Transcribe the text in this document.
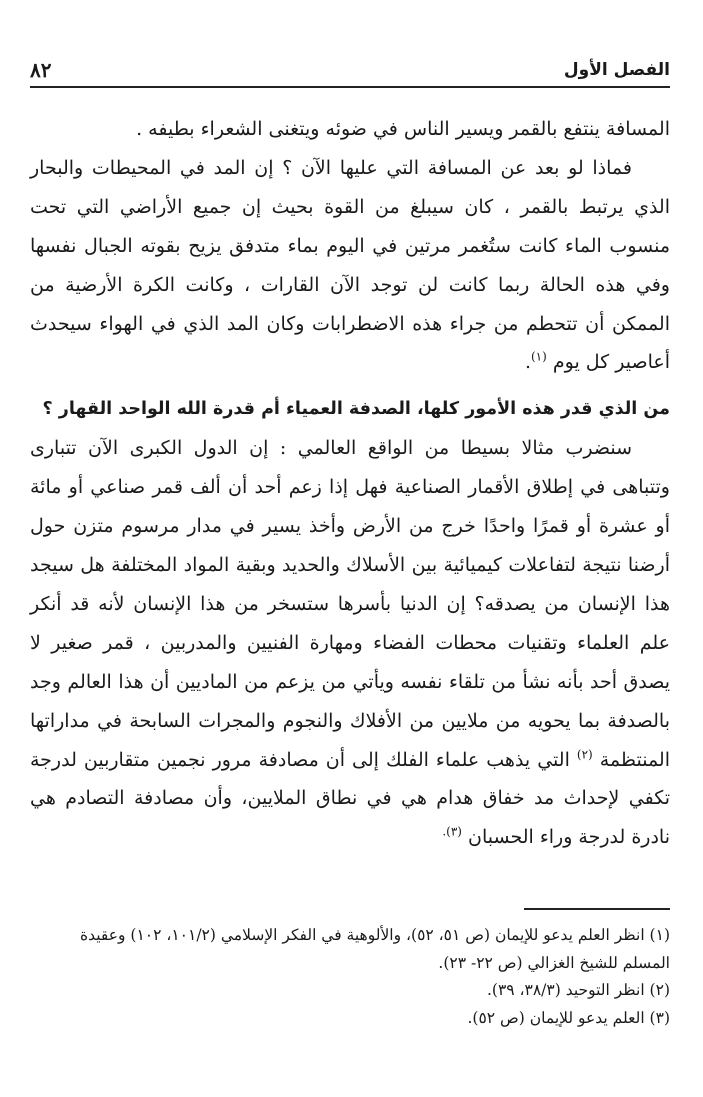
الفصل الأول
٨٢

المسافة ينتفع بالقمر ويسير الناس في ضوئه ويتغنى الشعراء بطيفه .

فماذا لو بعد عن المسافة التي عليها الآن ؟ إن المد في المحيطات والبحار الذي يرتبط بالقمر ، كان سيبلغ من القوة بحيث إن جميع الأراضي التي تحت منسوب الماء كانت ستُغمر مرتين في اليوم بماء متدفق يزيح بقوته الجبال نفسها وفي هذه الحالة ربما كانت لن توجد الآن القارات ، وكانت الكرة الأرضية من الممكن أن تتحطم من جراء هذه الاضطرابات وكان المد الذي في الهواء سيحدث أعاصير كل يوم $^{(١)}$.

من الذي قدر هذه الأمور كلها، الصدفة العمياء أم قدرة الله الواحد القهار ؟

سنضرب مثالا بسيطا من الواقع العالمي : إن الدول الكبرى الآن تتبارى وتتباهى في إطلاق الأقمار الصناعية فهل إذا زعم أحد أن ألف قمر صناعي أو مائة أو عشرة أو قمرًا واحدًا خرج من الأرض وأخذ يسير في مدار مرسوم متزن حول أرضنا نتيجة لتفاعلات كيميائية بين الأسلاك والحديد وبقية المواد المختلفة هل سيجد هذا الإنسان من يصدقه؟ إن الدنيا بأسرها ستسخر من هذا الإنسان لأنه قد أنكر علم العلماء وتقنيات محطات الفضاء ومهارة الفنيين والمدربين ، قمر صغير لا يصدق أحد بأنه نشأ من تلقاء نفسه ويأتي من يزعم من الماديين أن هذا العالم وجد بالصدفة بما يحويه من ملايين من الأفلاك والنجوم والمجرات السابحة في مداراتها المنتظمة $^{(٢)}$ التي يذهب علماء الفلك إلى أن مصادفة مرور نجمين متقاربين لدرجة تكفي لإحداث مد خفاق هدام هي في نطاق الملايين، وأن مصادفة التصادم هي نادرة لدرجة وراء الحسبان $^{(٣).}$

(١) انظر العلم يدعو للإيمان (ص ٥١، ٥٢)، والألوهية في الفكر الإسلامي (١٠١/٢، ١٠٢) وعقيدة المسلم للشيخ الغزالي (ص ٢٢- ٢٣).

(٢) انظر التوحيد (٣٨/٣، ٣٩).

(٣) العلم يدعو للإيمان (ص ٥٢).
